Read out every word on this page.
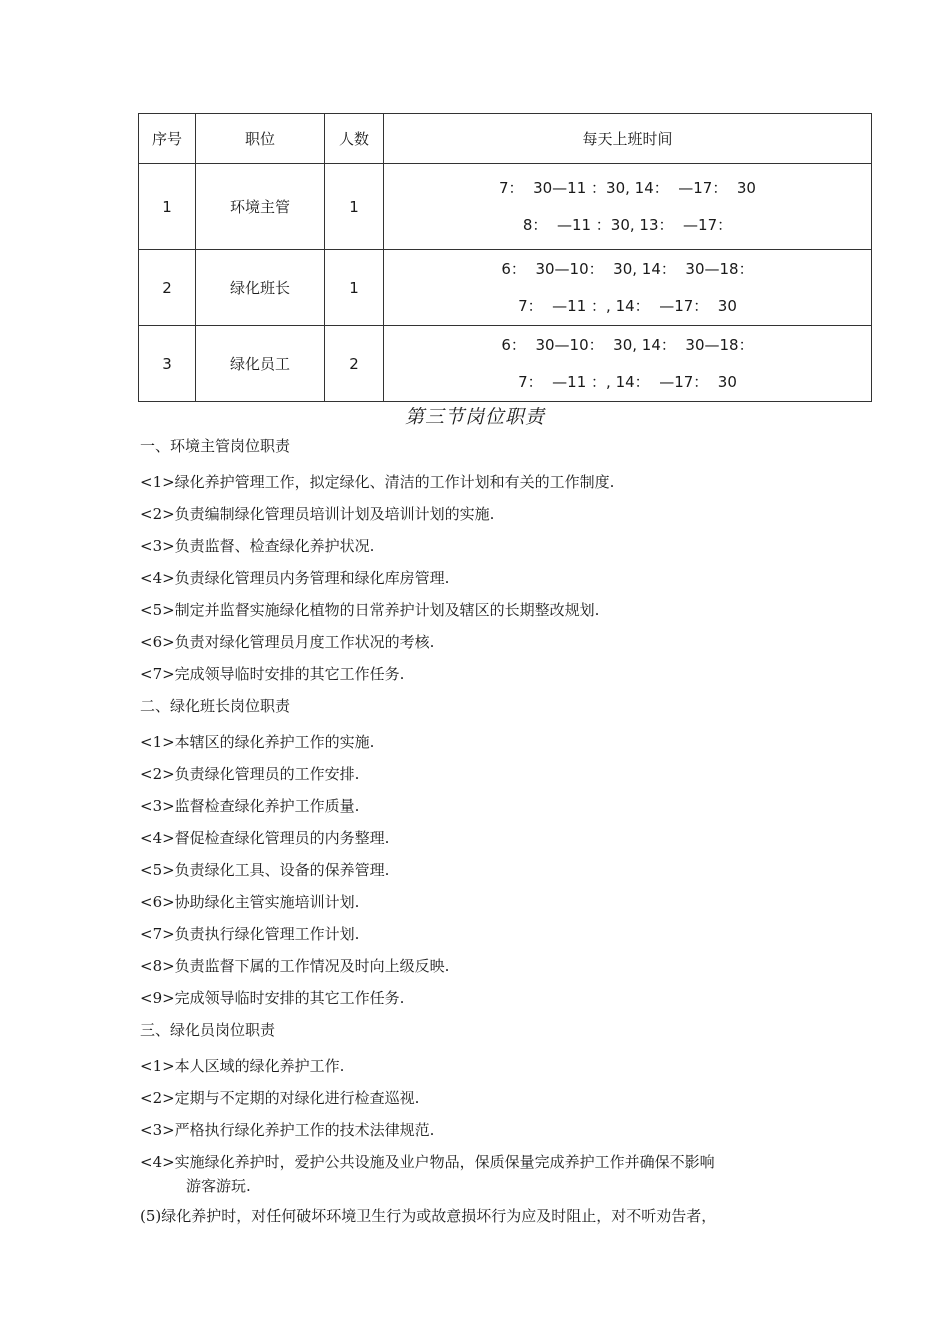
序号	职位	人数	每天上班时间
1	环境主管	1	7：  30—11 ：30, 14：  —17：  30
8：  —11 ：30, 13：  —17：

2	绿化班长	1	6：  30—10：  30, 14：  30—18：
7：  —11 ：, 14：  —17：  30

3	绿化员工	2	6：  30—10：  30, 14：  30—18：
7：  —11 ：, 14：  —17：  30
第三节岗位职责
一、环境主管岗位职责
<1>绿化养护管理工作，拟定绿化、清洁的工作计划和有关的工作制度.
<2>负责编制绿化管理员培训计划及培训计划的实施.
<3>负责监督、检查绿化养护状况.
<4>负责绿化管理员内务管理和绿化库房管理.
<5>制定并监督实施绿化植物的日常养护计划及辖区的长期整改规划.
<6>负责对绿化管理员月度工作状况的考核.
<7>完成领导临时安排的其它工作任务.
二、绿化班长岗位职责
<1>本辖区的绿化养护工作的实施.
<2>负责绿化管理员的工作安排.
<3>监督检查绿化养护工作质量.
<4>督促检查绿化管理员的内务整理.
<5>负责绿化工具、设备的保养管理.
<6>协助绿化主管实施培训计划.
<7>负责执行绿化管理工作计划.
<8>负责监督下属的工作情况及时向上级反映.
<9>完成领导临时安排的其它工作任务.
三、绿化员岗位职责
<1>本人区域的绿化养护工作.
<2>定期与不定期的对绿化进行检查巡视.
<3>严格执行绿化养护工作的技术法律规范.
<4>实施绿化养护时，爱护公共设施及业户物品，保质保量完成养护工作并确保不影响
游客游玩.
(5)绿化养护时，对任何破坏环境卫生行为或故意损坏行为应及时阻止，对不听劝告者，
